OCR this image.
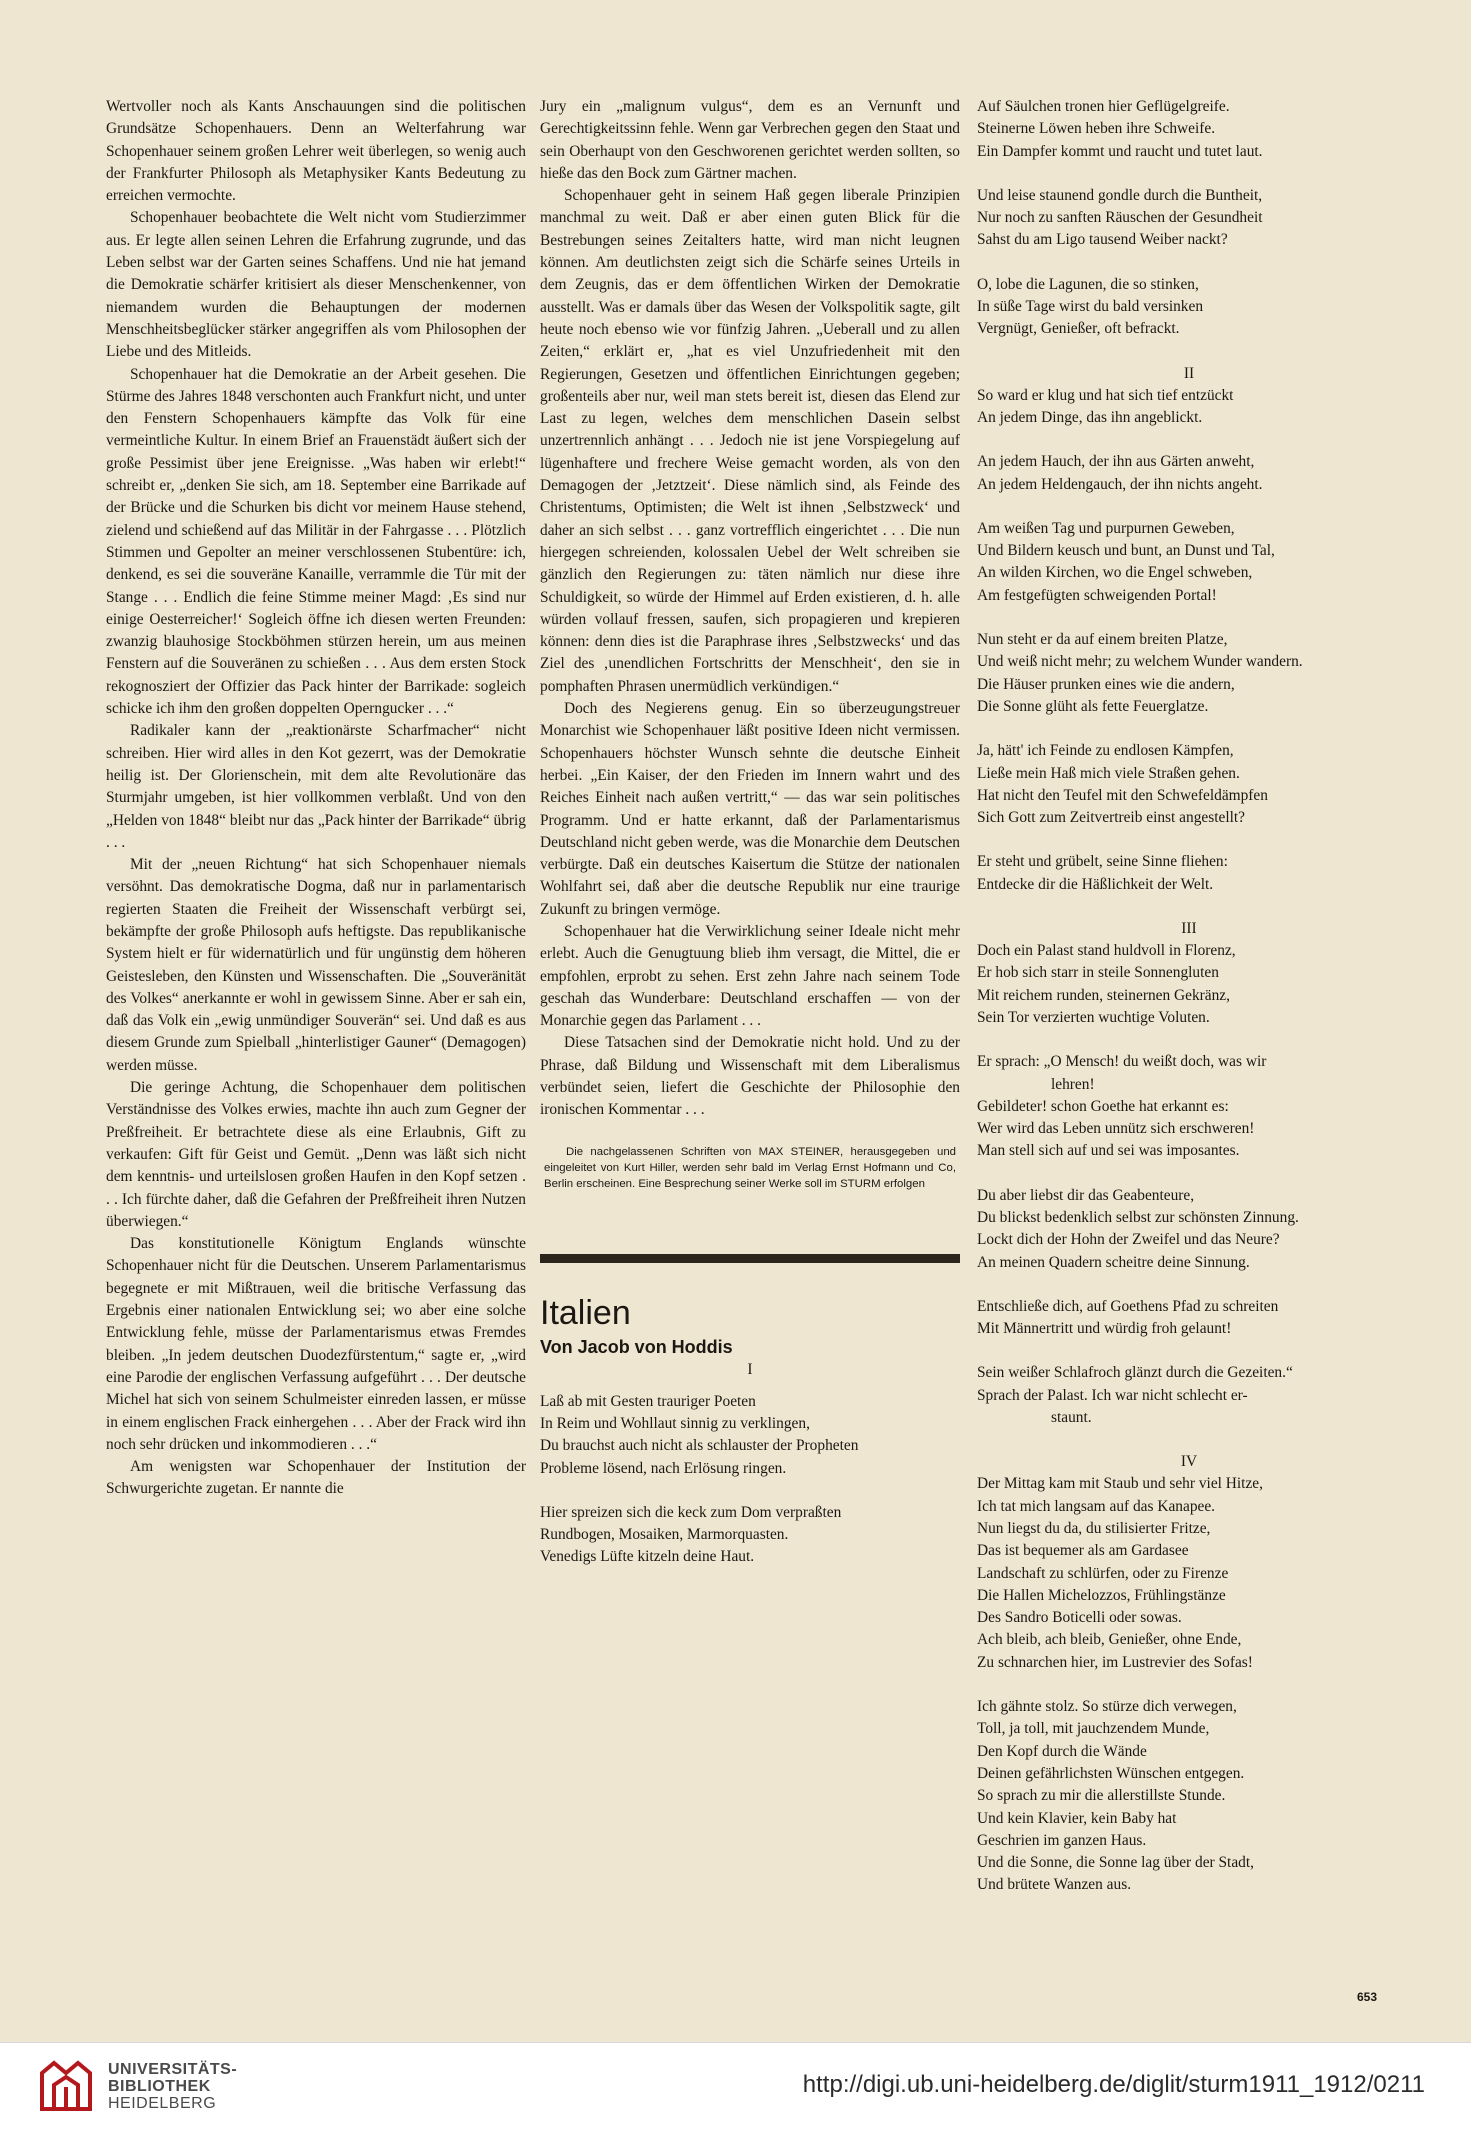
Wertvoller noch als Kants Anschauungen sind die politischen Grundsätze Schopenhauers. Denn an Welterfahrung war Schopenhauer seinem großen Lehrer weit überlegen, so wenig auch der Frankfurter Philosoph als Metaphysiker Kants Bedeutung zu erreichen vermochte.

Schopenhauer beobachtete die Welt nicht vom Studierzimmer aus. Er legte allen seinen Lehren die Erfahrung zugrunde, und das Leben selbst war der Garten seines Schaffens. Und nie hat jemand die Demokratie schärfer kritisiert als dieser Menschenkenner, von niemandem wurden die Behauptungen der modernen Menschheitsbeglücker stärker angegriffen als vom Philosophen der Liebe und des Mitleids.

Schopenhauer hat die Demokratie an der Arbeit gesehen. Die Stürme des Jahres 1848 verschonten auch Frankfurt nicht, und unter den Fenstern Schopenhauers kämpfte das Volk für eine vermeintliche Kultur. In einem Brief an Frauenstädt äußert sich der große Pessimist über jene Ereignisse. „Was haben wir erlebt!“ schreibt er, „denken Sie sich, am 18. September eine Barrikade auf der Brücke und die Schurken bis dicht vor meinem Hause stehend, zielend und schießend auf das Militär in der Fahrgasse . . . Plötzlich Stimmen und Gepolter an meiner verschlossenen Stubentüre: ich, denkend, es sei die souveräne Kanaille, verrammle die Tür mit der Stange . . . Endlich die feine Stimme meiner Magd: ‚Es sind nur einige Oesterreicher!‘ Sogleich öffne ich diesen werten Freunden: zwanzig blauhosige Stockböhmen stürzen herein, um aus meinen Fenstern auf die Souveränen zu schießen . . . Aus dem ersten Stock rekognosziert der Offizier das Pack hinter der Barrikade: sogleich schicke ich ihm den großen doppelten Operngucker . . .“

Radikaler kann der „reaktionärste Scharfmacher“ nicht schreiben. Hier wird alles in den Kot gezerrt, was der Demokratie heilig ist. Der Glorienschein, mit dem alte Revolutionäre das Sturmjahr umgeben, ist hier vollkommen verblaßt. Und von den „Helden von 1848“ bleibt nur das „Pack hinter der Barrikade“ übrig . . .

Mit der „neuen Richtung“ hat sich Schopenhauer niemals versöhnt. Das demokratische Dogma, daß nur in parlamentarisch regierten Staaten die Freiheit der Wissenschaft verbürgt sei, bekämpfte der große Philosoph aufs heftigste. Das republikanische System hielt er für widernatürlich und für ungünstig dem höheren Geistesleben, den Künsten und Wissenschaften. Die „Souveränität des Volkes“ anerkannte er wohl in gewissem Sinne. Aber er sah ein, daß das Volk ein „ewig unmündiger Souverän“ sei. Und daß es aus diesem Grunde zum Spielball „hinterlistiger Gauner“ (Demagogen) werden müsse.

Die geringe Achtung, die Schopenhauer dem politischen Verständnisse des Volkes erwies, machte ihn auch zum Gegner der Preßfreiheit. Er betrachtete diese als eine Erlaubnis, Gift zu verkaufen: Gift für Geist und Gemüt. „Denn was läßt sich nicht dem kenntnis- und urteilslosen großen Haufen in den Kopf setzen . . . Ich fürchte daher, daß die Gefahren der Preßfreiheit ihren Nutzen überwiegen.“

Das konstitutionelle Königtum Englands wünschte Schopenhauer nicht für die Deutschen. Unserem Parlamentarismus begegnete er mit Mißtrauen, weil die britische Verfassung das Ergebnis einer nationalen Entwicklung sei; wo aber eine solche Entwicklung fehle, müsse der Parlamentarismus etwas Fremdes bleiben. „In jedem deutschen Duodezfürstentum,“ sagte er, „wird eine Parodie der englischen Verfassung aufgeführt . . . Der deutsche Michel hat sich von seinem Schulmeister einreden lassen, er müsse in einem englischen Frack einhergehen . . . Aber der Frack wird ihn noch sehr drücken und inkommodieren . . .“

Am wenigsten war Schopenhauer der Institution der Schwurgerichte zugetan. Er nannte die

Jury ein „malignum vulgus“, dem es an Vernunft und Gerechtigkeitssinn fehle. Wenn gar Verbrechen gegen den Staat und sein Oberhaupt von den Geschworenen gerichtet werden sollten, so hieße das den Bock zum Gärtner machen.

Schopenhauer geht in seinem Haß gegen liberale Prinzipien manchmal zu weit. Daß er aber einen guten Blick für die Bestrebungen seines Zeitalters hatte, wird man nicht leugnen können. Am deutlichsten zeigt sich die Schärfe seines Urteils in dem Zeugnis, das er dem öffentlichen Wirken der Demokratie ausstellt. Was er damals über das Wesen der Volkspolitik sagte, gilt heute noch ebenso wie vor fünfzig Jahren. „Ueberall und zu allen Zeiten,“ erklärt er, „hat es viel Unzufriedenheit mit den Regierungen, Gesetzen und öffentlichen Einrichtungen gegeben; großenteils aber nur, weil man stets bereit ist, diesen das Elend zur Last zu legen, welches dem menschlichen Dasein selbst unzertrennlich anhängt . . . Jedoch nie ist jene Vorspiegelung auf lügenhaftere und frechere Weise gemacht worden, als von den Demagogen der ‚Jetztzeit‘. Diese nämlich sind, als Feinde des Christentums, Optimisten; die Welt ist ihnen ‚Selbstzweck‘ und daher an sich selbst . . . ganz vortrefflich eingerichtet . . . Die nun hiergegen schreienden, kolossalen Uebel der Welt schreiben sie gänzlich den Regierungen zu: täten nämlich nur diese ihre Schuldigkeit, so würde der Himmel auf Erden existieren, d. h. alle würden vollauf fressen, saufen, sich propagieren und krepieren können: denn dies ist die Paraphrase ihres ‚Selbstzwecks‘ und das Ziel des ‚unendlichen Fortschritts der Menschheit‘, den sie in pomphaften Phrasen unermüdlich verkündigen.“

Doch des Negierens genug. Ein so überzeugungstreuer Monarchist wie Schopenhauer läßt positive Ideen nicht vermissen. Schopenhauers höchster Wunsch sehnte die deutsche Einheit herbei. „Ein Kaiser, der den Frieden im Innern wahrt und des Reiches Einheit nach außen vertritt,“ — das war sein politisches Programm. Und er hatte erkannt, daß der Parlamentarismus Deutschland nicht geben werde, was die Monarchie dem Deutschen verbürgte. Daß ein deutsches Kaisertum die Stütze der nationalen Wohlfahrt sei, daß aber die deutsche Republik nur eine traurige Zukunft zu bringen vermöge.

Schopenhauer hat die Verwirklichung seiner Ideale nicht mehr erlebt. Auch die Genugtuung blieb ihm versagt, die Mittel, die er empfohlen, erprobt zu sehen. Erst zehn Jahre nach seinem Tode geschah das Wunderbare: Deutschland erschaffen — von der Monarchie gegen das Parlament . . .

Diese Tatsachen sind der Demokratie nicht hold. Und zu der Phrase, daß Bildung und Wissenschaft mit dem Liberalismus verbündet seien, liefert die Geschichte der Philosophie den ironischen Kommentar . . .

Die nachgelassenen Schriften von MAX STEINER, herausgegeben und eingeleitet von Kurt Hiller, werden sehr bald im Verlag Ernst Hofmann und Co, Berlin erscheinen. Eine Besprechung seiner Werke soll im STURM erfolgen

Italien
Von Jacob von Hoddis
I
Laß ab mit Gesten trauriger Poeten
In Reim und Wohllaut sinnig zu verklingen,
Du brauchst auch nicht als schlauster der Propheten
Probleme lösend, nach Erlösung ringen.
Hier spreizen sich die keck zum Dom verpraßten
Rundbogen, Mosaiken, Marmorquasten.
Venedigs Lüfte kitzeln deine Haut.
Auf Säulchen tronen hier Geflügelgreife.
Steinerne Löwen heben ihre Schweife.
Ein Dampfer kommt und raucht und tutet laut.
Und leise staunend gondle durch die Buntheit,
Nur noch zu sanften Räuschen der Gesundheit
Sahst du am Ligo tausend Weiber nackt?
O, lobe die Lagunen, die so stinken,
In süße Tage wirst du bald versinken
Vergnügt, Genießer, oft befrackt.
II
So ward er klug und hat sich tief entzückt
An jedem Dinge, das ihn angeblickt.
An jedem Hauch, der ihn aus Gärten anweht,
An jedem Heldengauch, der ihn nichts angeht.
Am weißen Tag und purpurnen Geweben,
Und Bildern keusch und bunt, an Dunst und Tal,
An wilden Kirchen, wo die Engel schweben,
Am festgefügten schweigenden Portal!
Nun steht er da auf einem breiten Platze,
Und weiß nicht mehr; zu welchem Wunder wandern.
Die Häuser prunken eines wie die andern,
Die Sonne glüht als fette Feuerglatze.
Ja, hätt' ich Feinde zu endlosen Kämpfen,
Ließe mein Haß mich viele Straßen gehen.
Hat nicht den Teufel mit den Schwefeldämpfen
Sich Gott zum Zeitvertreib einst angestellt?
Er steht und grübelt, seine Sinne fliehen:
Entdecke dir die Häßlichkeit der Welt.
III
Doch ein Palast stand huldvoll in Florenz,
Er hob sich starr in steile Sonnengluten
Mit reichem runden, steinernen Gekränz,
Sein Tor verzierten wuchtige Voluten.
Er sprach: „O Mensch! du weißt doch, was wir
lehren!
Gebildeter! schon Goethe hat erkannt es:
Wer wird das Leben unnütz sich erschweren!
Man stell sich auf und sei was imposantes.
Du aber liebst dir das Geabenteure,
Du blickst bedenklich selbst zur schönsten Zinnung.
Lockt dich der Hohn der Zweifel und das Neure?
An meinen Quadern scheitre deine Sinnung.
Entschließe dich, auf Goethens Pfad zu schreiten
Mit Männertritt und würdig froh gelaunt!
Sein weißer Schlafroch glänzt durch die Gezeiten.“
Sprach der Palast. Ich war nicht schlecht er-
staunt.
IV
Der Mittag kam mit Staub und sehr viel Hitze,
Ich tat mich langsam auf das Kanapee.
Nun liegst du da, du stilisierter Fritze,
Das ist bequemer als am Gardasee
Landschaft zu schlürfen, oder zu Firenze
Die Hallen Michelozzos, Frühlingstänze
Des Sandro Boticelli oder sowas.
Ach bleib, ach bleib, Genießer, ohne Ende,
Zu schnarchen hier, im Lustrevier des Sofas!
Ich gähnte stolz. So stürze dich verwegen,
Toll, ja toll, mit jauchzendem Munde,
Den Kopf durch die Wände
Deinen gefährlichsten Wünschen entgegen.
So sprach zu mir die allerstillste Stunde.
Und kein Klavier, kein Baby hat
Geschrien im ganzen Haus.
Und die Sonne, die Sonne lag über der Stadt,
Und brütete Wanzen aus.
653
UNIVERSITÄTS-
BIBLIOTHEK
HEIDELBERG
http://digi.ub.uni-heidelberg.de/diglit/sturm1911_1912/0211
